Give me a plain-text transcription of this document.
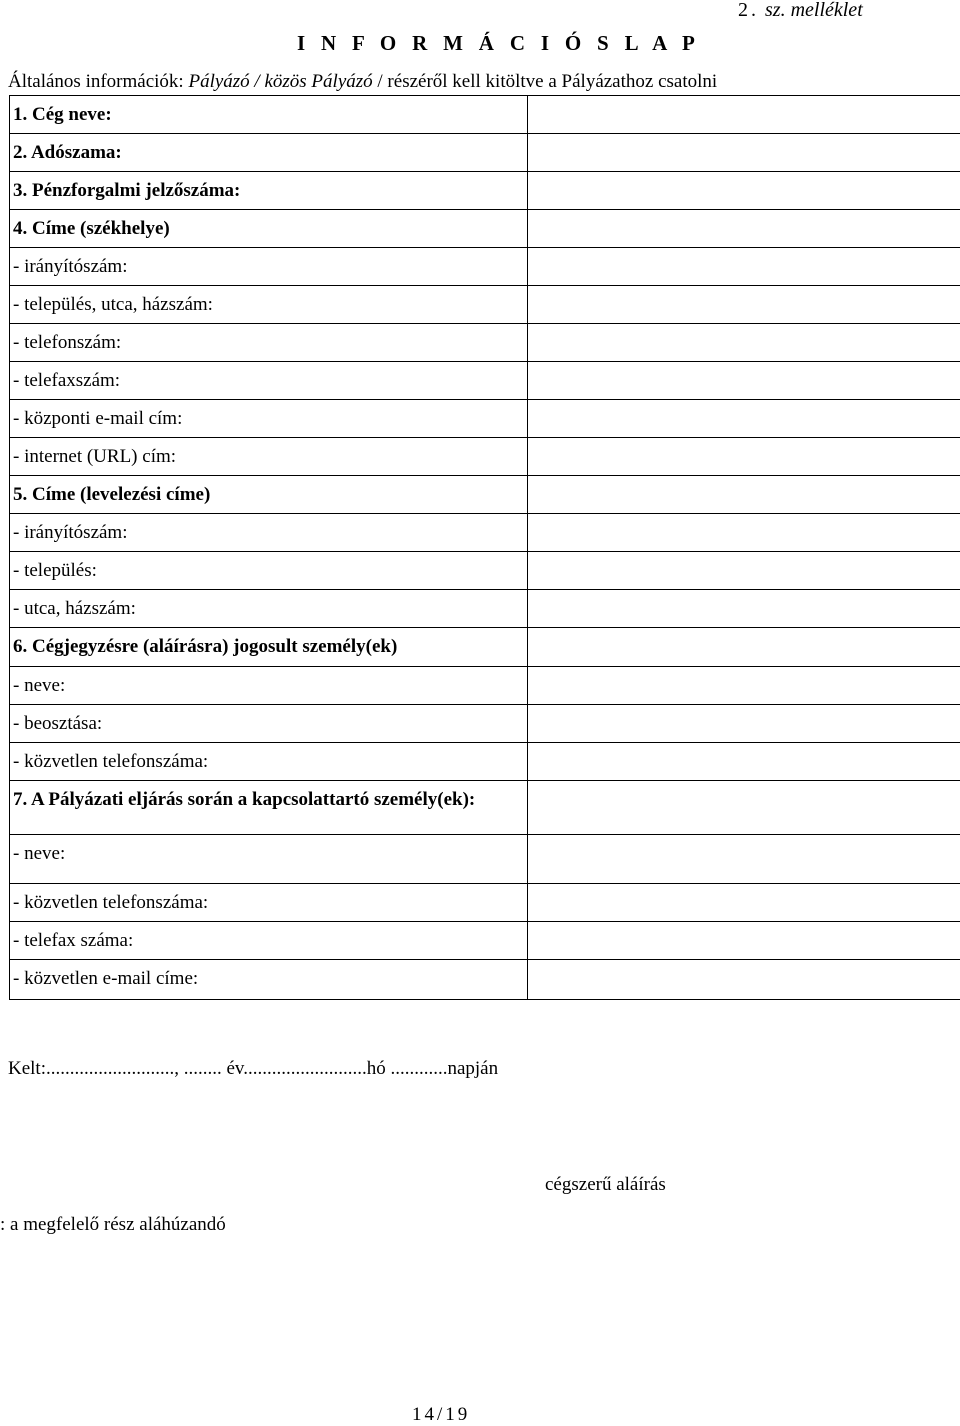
2. sz. melléklet
I N F O R M Á C I Ó S L A P
Általános információk: Pályázó / közös Pályázó / részéről kell kitöltve a Pályázathoz csatolni
1. Cég neve:	
2. Adószama:	
3. Pénzforgalmi jelzőszáma:	
4. Címe (székhelye)	
- irányítószám:	
- település, utca, házszám:	
- telefonszám:	
- telefaxszám:	
- központi e-mail cím:	
- internet (URL) cím:	
5. Címe (levelezési címe)	
- irányítószám:	
- település:	
- utca, házszám:	
6. Cégjegyzésre (aláírásra) jogosult személy(ek)	
- neve:	
- beosztása:	
- közvetlen telefonszáma:	
7. A Pályázati eljárás során a kapcsolattartó személy(ek):	
- neve:	
- közvetlen telefonszáma:	
- telefax száma:	
- közvetlen e-mail címe:	
Kelt:..........................., ........ év..........................hó ............napján
cégszerű aláírás
: a megfelelő rész aláhúzandó
14/19
